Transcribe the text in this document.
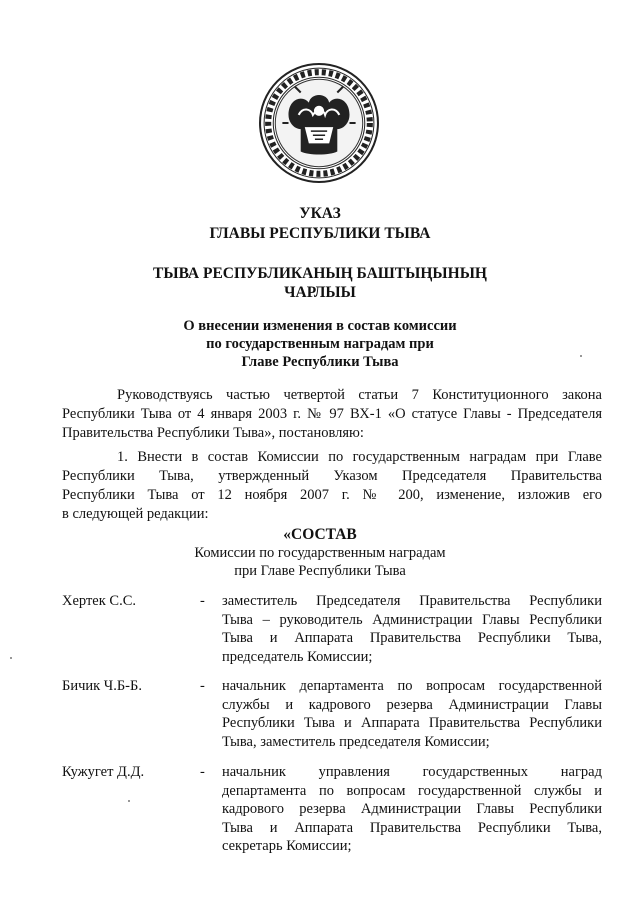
УКАЗ
ГЛАВЫ РЕСПУБЛИКИ ТЫВА
ТЫВА РЕСПУБЛИКАНЫҢ БАШТЫҢЫНЫҢ
ЧАРЛЫЫ
О внесении изменения в состав комиссии
по государственным наградам при
Главе Республики Тыва
Руководствуясь частью четвертой статьи 7 Конституционного закона
Республики Тыва от 4 января 2003 г. № 97 ВХ-1 «О статусе Главы - Председателя
Правительства Республики Тыва», постановляю:
1. Внести в состав Комиссии по государственным наградам при Главе
Республики Тыва, утвержденный Указом Председателя Правительства
Республики Тыва от 12 ноября 2007 г. № 200, изменение, изложив его
в следующей редакции:
«СОСТАВ
Комиссии по государственным наградам
при Главе Республики Тыва
Хертек С.С.	- заместитель Председателя Правительства Республики
Тыва – руководитель Администрации Главы Республики
Тыва и Аппарата Правительства Республики Тыва,
председатель Комиссии;
Бичик Ч.Б-Б.	- начальник департамента по вопросам государственной
службы и кадрового резерва Администрации Главы
Республики Тыва и Аппарата Правительства Республики
Тыва, заместитель председателя Комиссии;
Кужугет Д.Д.	- начальник управления государственных наград
департамента по вопросам государственной службы и
кадрового резерва Администрации Главы Республики
Тыва и Аппарата Правительства Республики Тыва,
секретарь Комиссии;
